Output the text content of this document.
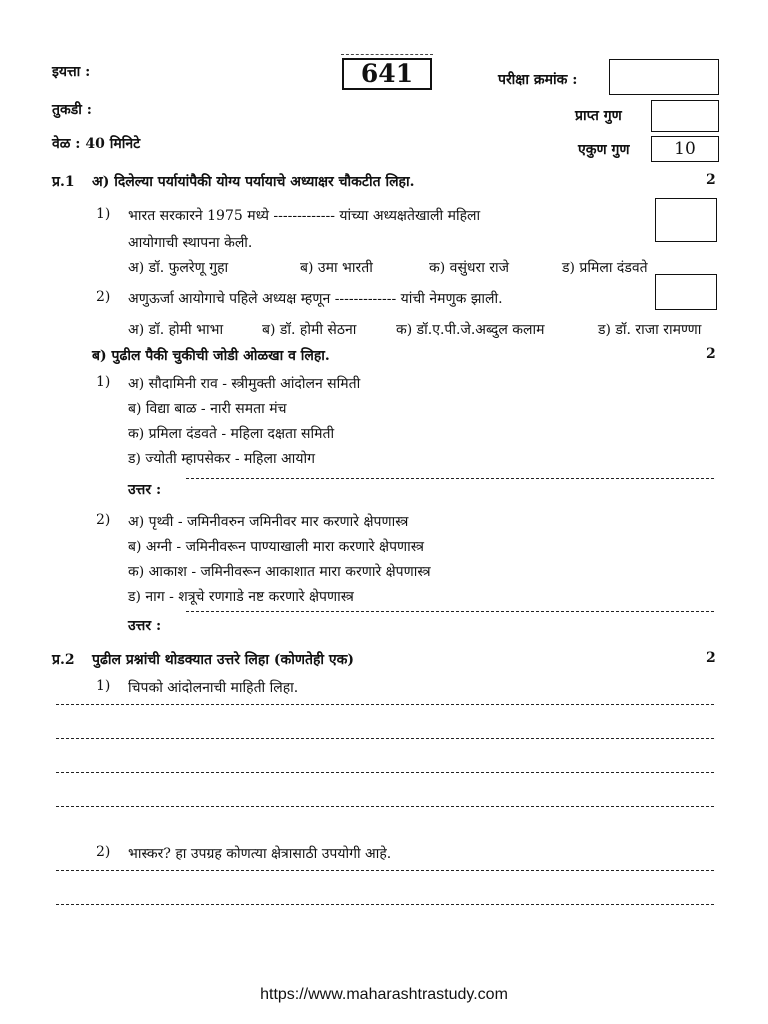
इयत्ता :
तुकडी :
वेळ : 40 मिनिटे
641	परीक्षा क्रमांक :
प्राप्त गुण
एकुण गुण	10
प्र.1 अ) दिलेल्या पर्यायांपैकी योग्य पर्यायाचे अध्याक्षर चौकटीत लिहा.	2
1) भारत सरकारने 1975 मध्ये ------------- यांच्या अध्यक्षतेखाली महिला
आयोगाची स्थापना केली.
अ) डॉ. फुलरेणू गुहा	ब) उमा भारती	क) वसुंधरा राजे	ड) प्रमिला दंडवते
2) अणुऊर्जा आयोगाचे पहिले अध्यक्ष म्हणून ------------- यांची नेमणुक झाली.
अ) डॉ. होमी भाभा	ब) डॉ. होमी सेठना	क) डॉ.ए.पी.जे.अब्दुल कलाम	ड) डॉ. राजा रामण्णा
ब) पुढील पैकी चुकीची जोडी ओळखा व लिहा.	2
1) अ) सौदामिनी राव - स्त्रीमुक्ती आंदोलन समिती
ब) विद्या बाळ - नारी समता मंच
क) प्रमिला दंडवते - महिला दक्षता समिती
ड) ज्योती म्हापसेकर - महिला आयोग
उत्तर :
2) अ) पृथ्वी - जमिनीवरुन जमिनीवर मार करणारे क्षेपणास्त्र
ब) अग्नी - जमिनीवरून पाण्याखाली मारा करणारे क्षेपणास्त्र
क) आकाश - जमिनीवरून आकाशात मारा करणारे क्षेपणास्त्र
ड) नाग - शत्रूचे रणगाडे नष्ट करणारे क्षेपणास्त्र
उत्तर :
प्र.2 पुढील प्रश्नांची थोडक्यात उत्तरे लिहा (कोणतेही एक)	2
1) चिपको आंदोलनाची माहिती लिहा.
2) भास्कर? हा उपग्रह कोणत्या क्षेत्रासाठी उपयोगी आहे.
https://www.maharashtrastudy.com
